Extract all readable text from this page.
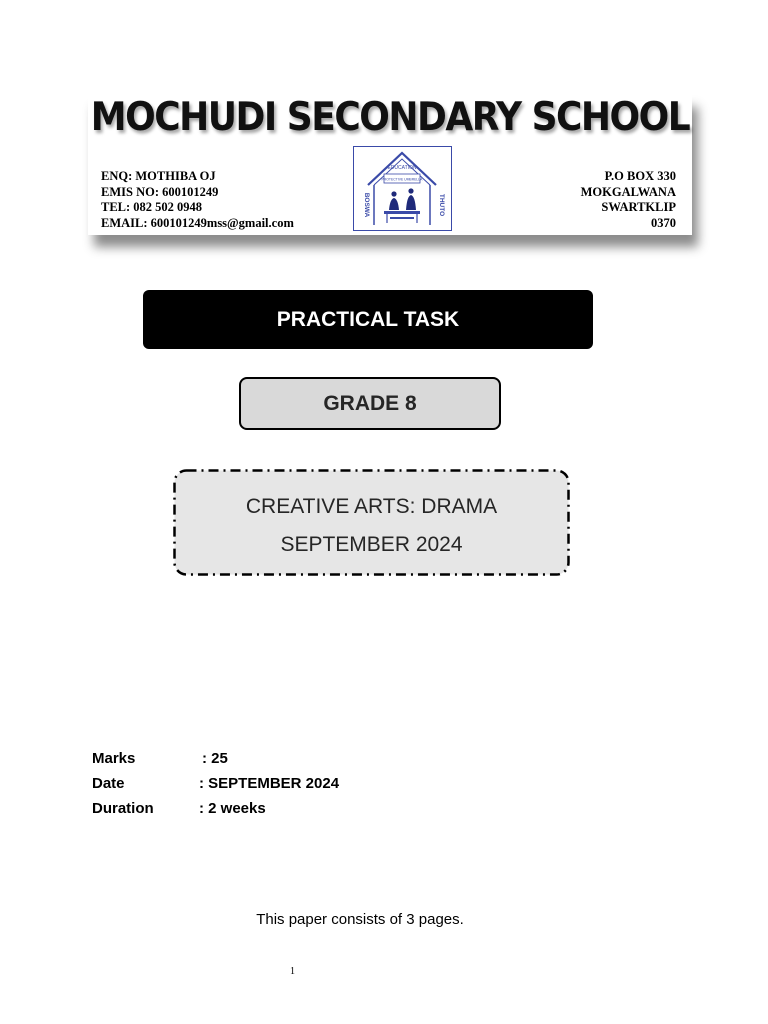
MOCHUDI SECONDARY SCHOOL
ENQ: MOTHIBA OJ
EMIS NO: 600101249
TEL: 082 502 0948
EMAIL: 600101249mss@gmail.com
EDUCATION
PROTECTIVE UMBRELLA
BOSWA	THUTO
P.O BOX 330
MOKGALWANA
SWARTKLIP
0370
PRACTICAL TASK
GRADE 8
CREATIVE ARTS: DRAMA
SEPTEMBER 2024
Marks	: 25
Date	: SEPTEMBER 2024
Duration	: 2 weeks
This paper consists of 3 pages.
1
